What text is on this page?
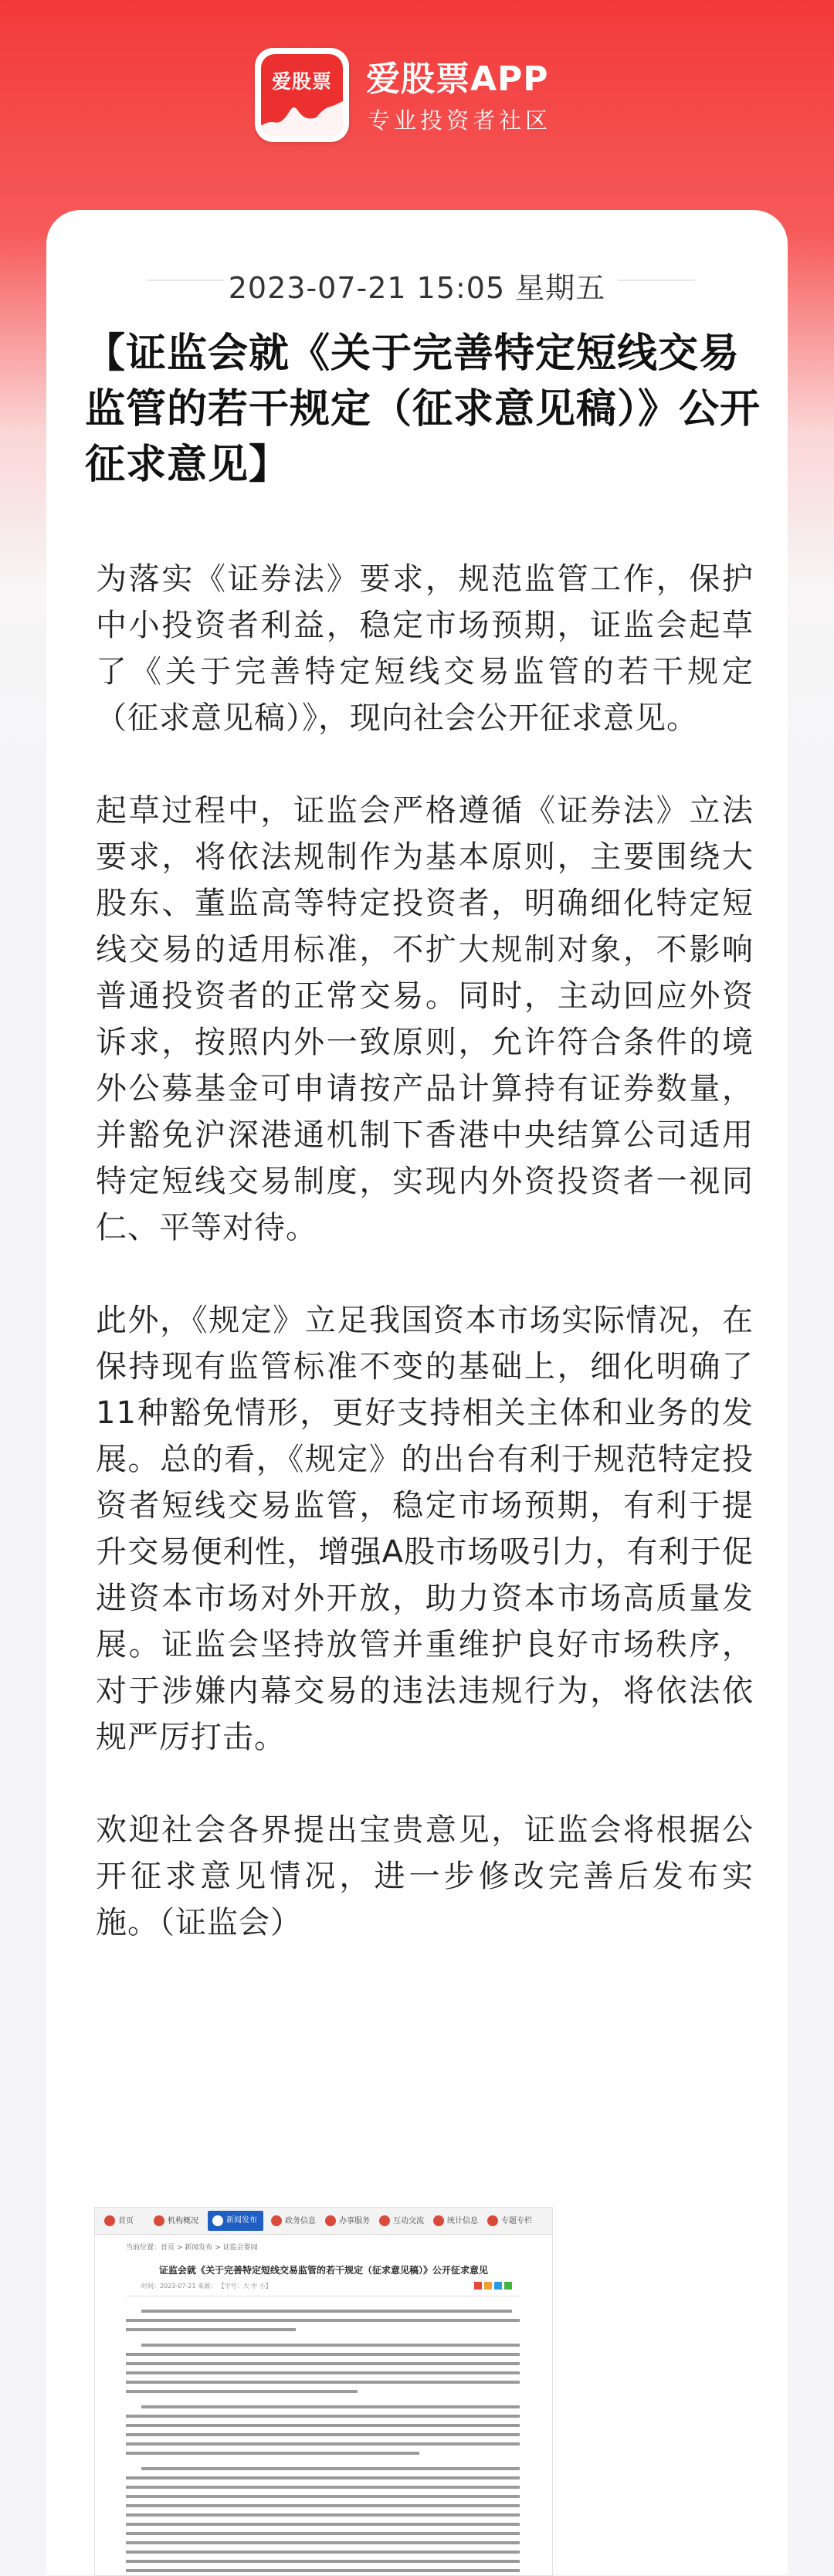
爱股票	爱股票APP
专业投资者社区
2023-07-21 15:05 星期五
【证监会就《关于完善特定短线交易监管的若干规定（征求意见稿）》公开征求意见】

为落实《证券法》要求，规范监管工作，保护中小投资者利益，稳定市场预期，证监会起草了《关于完善特定短线交易监管的若干规定（征求意见稿）》，现向社会公开征求意见。

起草过程中，证监会严格遵循《证券法》立法要求，将依法规制作为基本原则，主要围绕大股东、董监高等特定投资者，明确细化特定短线交易的适用标准，不扩大规制对象，不影响普通投资者的正常交易。同时，主动回应外资诉求，按照内外一致原则，允许符合条件的境外公募基金可申请按产品计算持有证券数量，并豁免沪深港通机制下香港中央结算公司适用特定短线交易制度，实现内外资投资者一视同仁、平等对待。

此外，《规定》立足我国资本市场实际情况，在保持现有监管标准不变的基础上，细化明确了11种豁免情形，更好支持相关主体和业务的发展。总的看，《规定》的出台有利于规范特定投资者短线交易监管，稳定市场预期，有利于提升交易便利性，增强A股市场吸引力，有利于促进资本市场对外开放，助力资本市场高质量发展。证监会坚持放管并重维护良好市场秩序，对于涉嫌内幕交易的违法违规行为，将依法依规严厉打击。

欢迎社会各界提出宝贵意见，证监会将根据公开征求意见情况，进一步修改完善后发布实施。（证监会）

首页	机构概况	新闻发布	政务信息	办事服务	互动交流	统计信息	专题专栏
当前位置：首页 > 新闻发布 > 证监会要闻
证监会就《关于完善特定短线交易监管的若干规定（征求意见稿）》公开征求意见
时间：2023-07-21 来源： 【字号：大 中 小】
